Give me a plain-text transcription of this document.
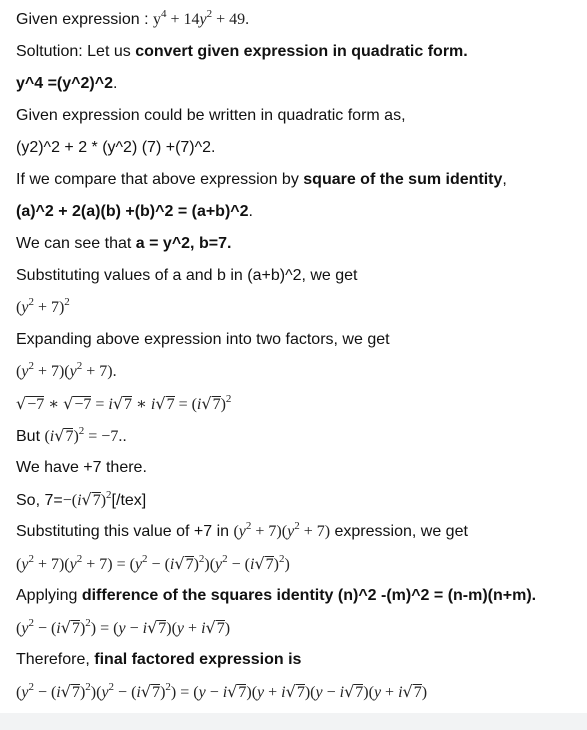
Given expression : $y^4 + 14y^2 + 49$.
Soltution: Let us convert given expression in quadratic form.
y^4 =(y^2)^2.
Given expression could be written in quadratic form as,
(y2)^2 + 2 * (y^2) (7) +(7)^2.
If we compare that above expression by square of the sum identity,
(a)^2 + 2(a)(b) +(b)^2 = (a+b)^2.
We can see that a = y^2, b=7.
Substituting values of a and b in (a+b)^2, we get
$(y^2 + 7)^2$
Expanding above expression into two factors, we get
$(y^2 + 7)(y^2 + 7)$.
√−7 ∗ √−7 = i√7 ∗ $i√7 = (i√7)^2$
But $(i√7)^2 = -7$..
We have +7 there.
So, $7=-(i√7)^2[/tex]$
Substituting this value of +7 in $(y^2 + 7)(y^2 + 7)$ expression, we get
$(y^2 + 7)(y^2 + 7) = (y^2 - (i√7)^2)(y^2 - (i√7)^2)$
Applying difference of the squares identity (n)^2 -(m)^2 = (n-m)(n+m).
$(y^2 - (i√7)^2) = (y - i√7)(y + i√7)$
Therefore, final factored expression is
$(y^2 - (i√7)^2)(y^2 - (i√7)^2) = (y - i√7)(y + i√7)(y - i√7)(y + i√7)$
